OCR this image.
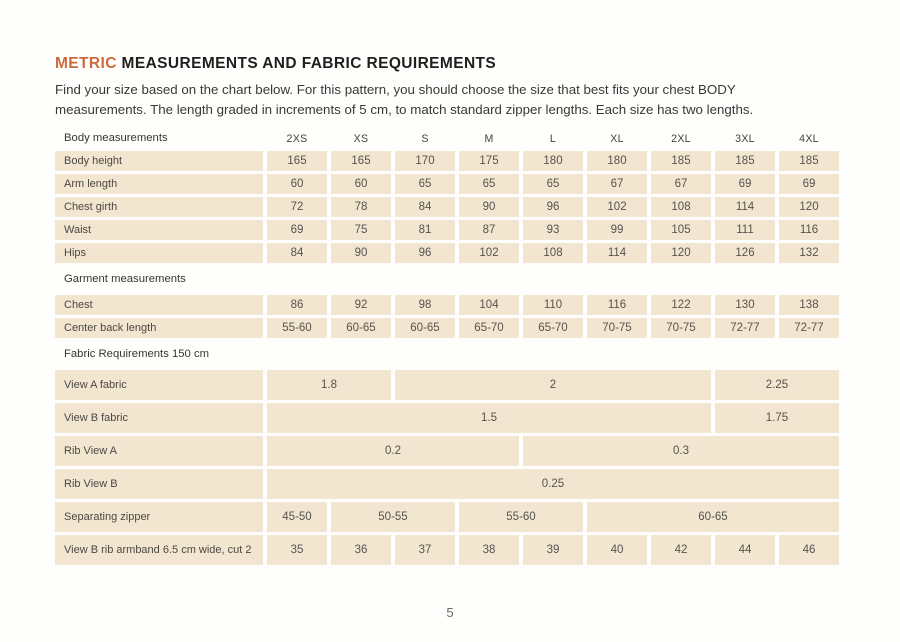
METRIC MEASUREMENTS AND FABRIC REQUIREMENTS
Find your size based on the chart below. For this pattern, you should choose the size that best fits your chest BODY
measurements. The length graded in increments of 5 cm, to match standard zipper lengths. Each size has two lengths.
Body measurements	2XS	XS	S	M	L	XL	2XL	3XL	4XL
Body height	165	165	170	175	180	180	185	185	185
Arm length	60	60	65	65	65	67	67	69	69
Chest girth	72	78	84	90	96	102	108	114	120
Waist	69	75	81	87	93	99	105	111	116
Hips	84	90	96	102	108	114	120	126	132
Garment measurements									
Chest	86	92	98	104	110	116	122	130	138
Center back length	55-60	60-65	60-65	65-70	65-70	70-75	70-75	72-77	72-77
Fabric Requirements 150 cm									
View A fabric	1.8		2					2.25	
View B fabric	1.5							1.75	
Rib View A	0.2				0.3				
Rib View B	0.25								
Separating zipper	45-50	50-55		55-60		60-65			
View B rib armband 6.5 cm wide, cut 2	35	36	37	38	39	40	42	44	46
5
